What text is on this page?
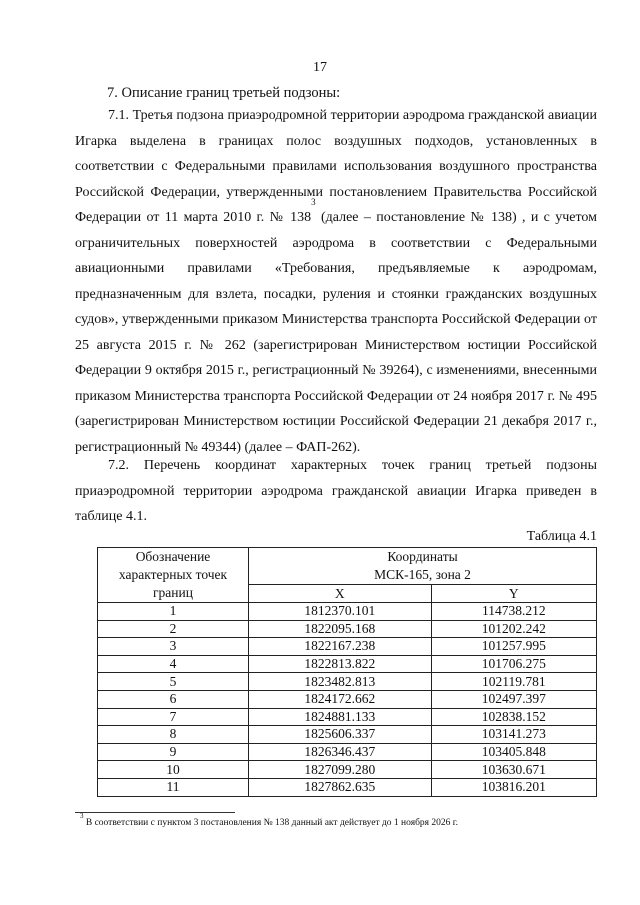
17
7. Описание границ третьей подзоны:
7.1. Третья подзона приаэродромной территории аэродрома гражданской авиации Игарка выделена в границах полос воздушных подходов, установленных в соответствии с Федеральными правилами использования воздушного пространства Российской Федерации, утвержденными постановлением Правительства Российской Федерации от 11 марта 2010 г. № $138^3$ (далее – постановление № 138) , и с учетом ограничительных поверхностей аэродрома в соответствии с Федеральными авиационными правилами «Требования, предъявляемые к аэродромам, предназначенным для взлета, посадки, руления и стоянки гражданских воздушных судов», утвержденными приказом Министерства транспорта Российской Федерации от 25 августа 2015 г. № 262 (зарегистрирован Министерством юстиции Российской Федерации 9 октября 2015 г., регистрационный № 39264), с изменениями, внесенными приказом Министерства транспорта Российской Федерации от 24 ноября 2017 г. № 495 (зарегистрирован Министерством юстиции Российской Федерации 21 декабря 2017 г., регистрационный № 49344) (далее – ФАП-262).
7.2. Перечень координат характерных точек границ третьей подзоны приаэродромной территории аэродрома гражданской авиации Игарка приведен в таблице 4.1.
Таблица 4.1
Обозначение характерных точек границ	Координаты
МСК-165, зона 2	

	X	Y
1	1812370.101	114738.212
2	1822095.168	101202.242
3	1822167.238	101257.995
4	1822813.822	101706.275
5	1823482.813	102119.781
6	1824172.662	102497.397
7	1824881.133	102838.152
8	1825606.337	103141.273
9	1826346.437	103405.848
10	1827099.280	103630.671
11	1827862.635	103816.201
$^3$ В соответствии с пунктом 3 постановления № 138 данный акт действует до 1 ноября 2026 г.
